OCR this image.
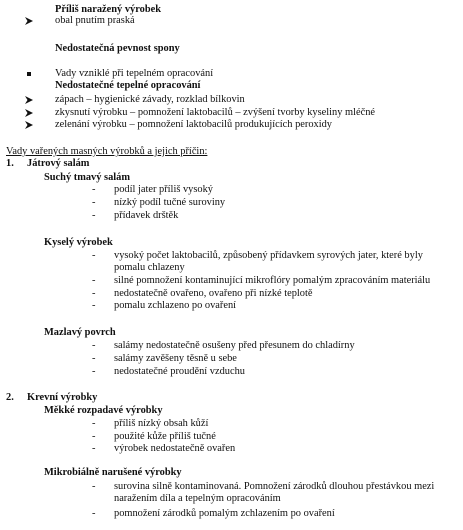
Příliš naražený výrobek
obal pnutím praská
Nedostatečná pevnost spony
Vady vzniklé při tepelném opracování
Nedostatečné tepelné opracování
zápach – hygienické závady, rozklad bílkovin
zkysnutí výrobku – pomnožení laktobacilů – zvýšení tvorby kyseliny mléčné
zelenání výrobku – pomnožení laktobacilů produkujících peroxidy
Vady vařených masných výrobků a jejich příčin:
1. Játrový salám
Suchý tmavý salám
- podíl jater příliš vysoký
- nízký podíl tučné suroviny
- přídavek drštěk
Kyselý výrobek
- vysoký počet laktobacilů, způsobený přídavkem syrových jater, které byly
pomalu chlazeny
- silné pomnožení kontaminující mikroflóry pomalým zpracováním materiálu
- nedostatečně ovařeno, ovařeno při nízké teplotě
- pomalu zchlazeno po ovaření
Mazlavý povrch
- salámy nedostatečně osušeny před přesunem do chladírny
- salámy zavěšeny těsně u sebe
- nedostatečné proudění vzduchu
2. Krevní výrobky
Měkké rozpadavé výrobky
- příliš nízký obsah kůží
- použité kůže příliš tučné
- výrobek nedostatečně ovařen
Mikrobiálně narušené výrobky
- surovina silně kontaminovaná. Pomnožení zárodků dlouhou přestávkou mezi
naražením díla a tepelným opracováním
- pomnožení zárodků pomalým zchlazením po ovaření
